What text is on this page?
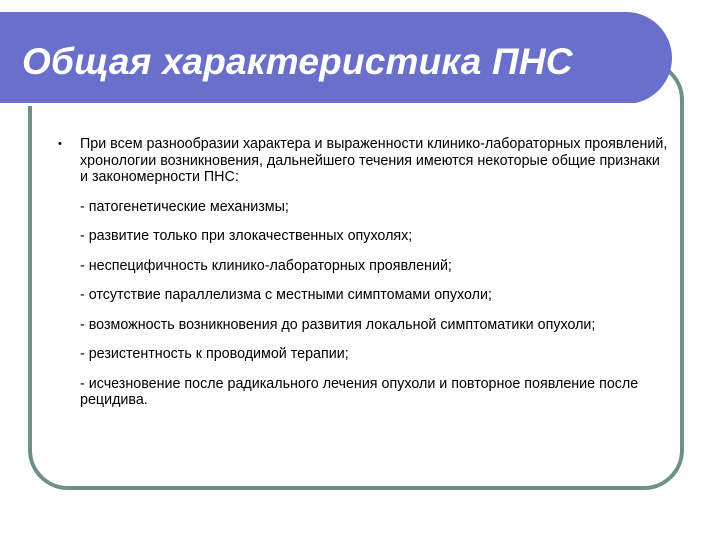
Общая характеристика ПНС
• При всем разнообразии характера и выраженности клинико-лабораторных проявлений, хронологии возникновения, дальнейшего течения имеются некоторые общие признаки и закономерности ПНС:

- патогенетические механизмы;
- развитие только при злокачественных опухолях;
- неспецифичность клинико-лабораторных проявлений;
- отсутствие параллелизма с местными симптомами опухоли;
- возможность возникновения до развития локальной симптоматики опухоли;
- резистентность к проводимой терапии;
- исчезновение после радикального лечения опухоли и повторное появление после рецидива.
